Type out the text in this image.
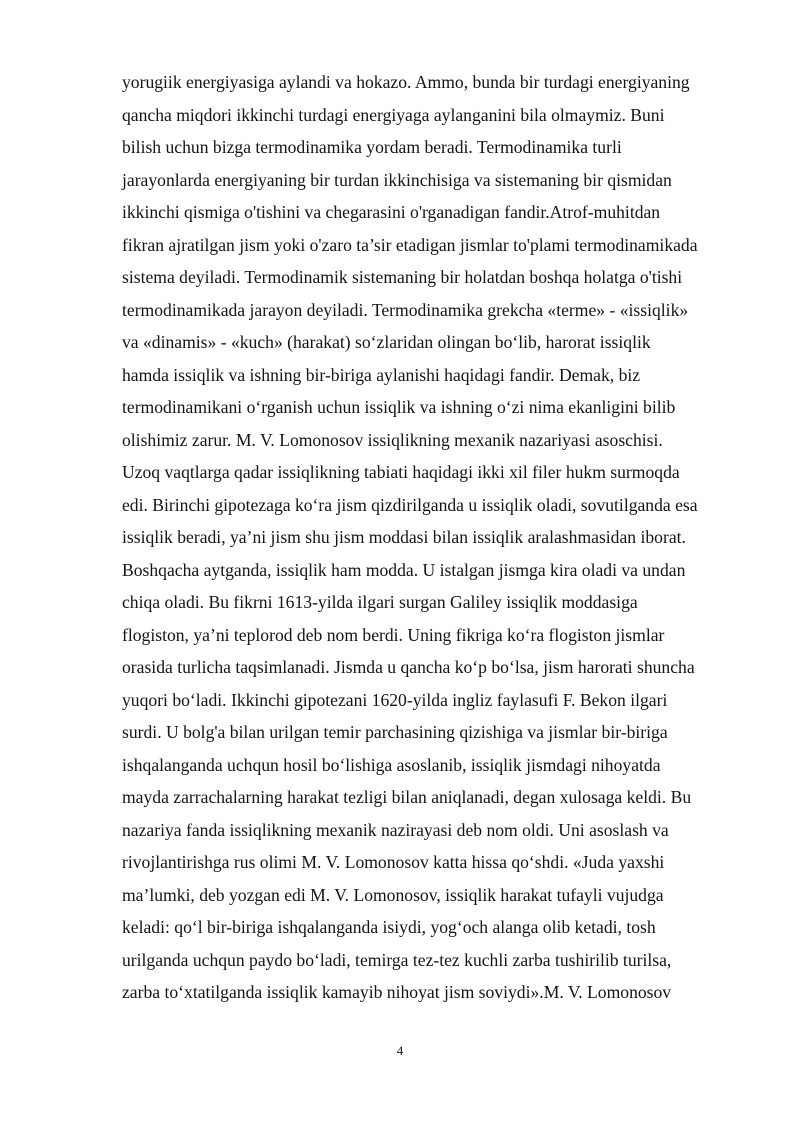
yorugiik energiyasiga aylandi va hokazo. Ammo, bunda bir turdagi energiyaning
qancha miqdori ikkinchi turdagi energiyaga aylanganini bila olmaymiz. Buni
bilish uchun bizga termodinamika yordam beradi. Termodinamika turli
jarayonlarda energiyaning bir turdan ikkinchisiga va sistemaning bir qismidan
ikkinchi qismiga o'tishini va chegarasini o'rganadigan fandir.Atrof-muhitdan
fikran ajratilgan jism yoki o'zaro ta’sir etadigan jismlar to'plami termodinamikada
sistema deyiladi. Termodinamik sistemaning bir holatdan boshqa holatga o'tishi
termodinamikada jarayon deyiladi. Termodinamika grekcha «terme» - «issiqlik»
va «dinamis» - «kuch» (harakat) so‘zlaridan olingan bo‘lib, harorat issiqlik
hamda issiqlik va ishning bir-biriga aylanishi haqidagi fandir. Demak, biz
termodinamikani o‘rganish uchun issiqlik va ishning o‘zi nima ekanligini bilib
olishimiz zarur. M. V. Lomonosov issiqlikning mexanik nazariyasi asoschisi.
Uzoq vaqtlarga qadar issiqlikning tabiati haqidagi ikki xil filer hukm surmoqda
edi. Birinchi gipotezaga ko‘ra jism qizdirilganda u issiqlik oladi, sovutilganda esa
issiqlik beradi, ya’ni jism shu jism moddasi bilan issiqlik aralashmasidan iborat.
Boshqacha aytganda, issiqlik ham modda. U istalgan jismga kira oladi va undan
chiqa oladi. Bu fikrni 1613-yilda ilgari surgan Galiley issiqlik moddasiga
flogiston, ya’ni teplorod deb nom berdi. Uning fikriga ko‘ra flogiston jismlar
orasida turlicha taqsimlanadi. Jismda u qancha ko‘p bo‘lsa, jism harorati shuncha
yuqori bo‘ladi. Ikkinchi gipotezani 1620-yilda ingliz faylasufi F. Bekon ilgari
surdi. U bolg'a bilan urilgan temir parchasining qizishiga va jismlar bir-biriga
ishqalanganda uchqun hosil bo‘lishiga asoslanib, issiqlik jismdagi nihoyatda
mayda zarrachalarning harakat tezligi bilan aniqlanadi, degan xulosaga keldi. Bu
nazariya fanda issiqlikning mexanik nazirayasi deb nom oldi. Uni asoslash va
rivojlantirishga rus olimi M. V. Lomonosov katta hissa qo‘shdi. «Juda yaxshi
ma’lumki, deb yozgan edi M. V. Lomonosov, issiqlik harakat tufayli vujudga
keladi: qo‘l bir-biriga ishqalanganda isiydi, yog‘och alanga olib ketadi, tosh
urilganda uchqun paydo bo‘ladi, temirga tez-tez kuchli zarba tushirilib turilsa,
zarba to‘xtatilganda issiqlik kamayib nihoyat jism soviydi».M. V. Lomonosov
4
